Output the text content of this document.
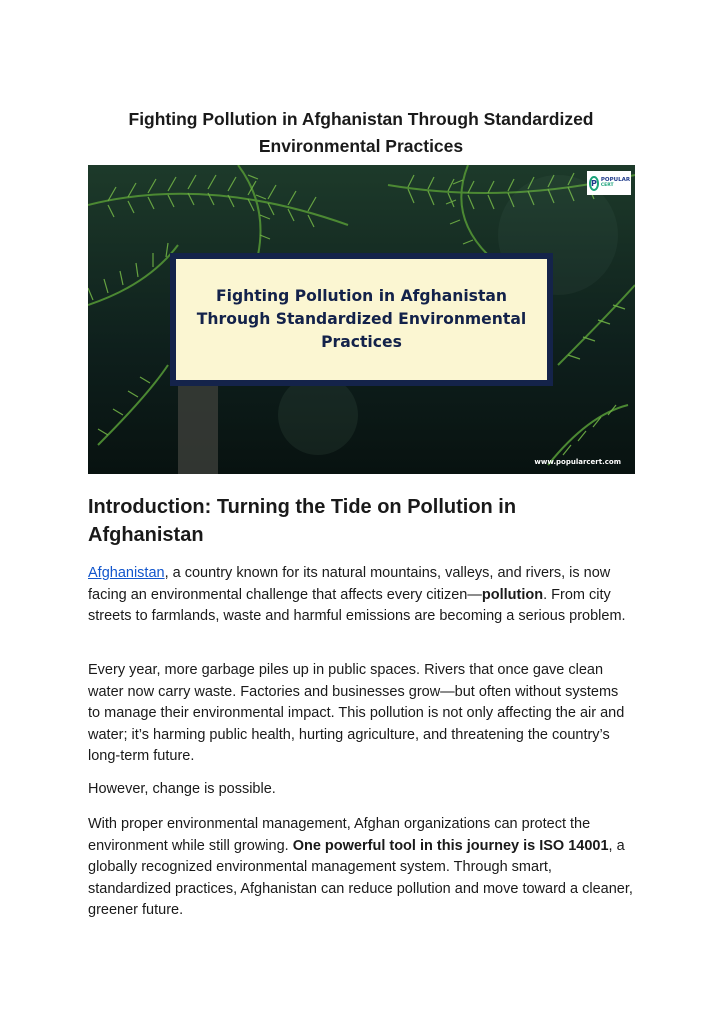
Fighting Pollution in Afghanistan Through Standardized Environmental Practices
P POPULAR
CERT
Fighting Pollution in Afghanistan Through Standardized Environmental Practices
www.popularcert.com
Introduction: Turning the Tide on Pollution in Afghanistan

Afghanistan, a country known for its natural mountains, valleys, and rivers, is now facing an environmental challenge that affects every citizen—pollution. From city streets to farmlands, waste and harmful emissions are becoming a serious problem.

Every year, more garbage piles up in public spaces. Rivers that once gave clean water now carry waste. Factories and businesses grow—but often without systems to manage their environmental impact. This pollution is not only affecting the air and water; it’s harming public health, hurting agriculture, and threatening the country’s long-term future.

However, change is possible.

With proper environmental management, Afghan organizations can protect the environment while still growing. One powerful tool in this journey is ISO 14001, a globally recognized environmental management system. Through smart, standardized practices, Afghanistan can reduce pollution and move toward a cleaner, greener future.
